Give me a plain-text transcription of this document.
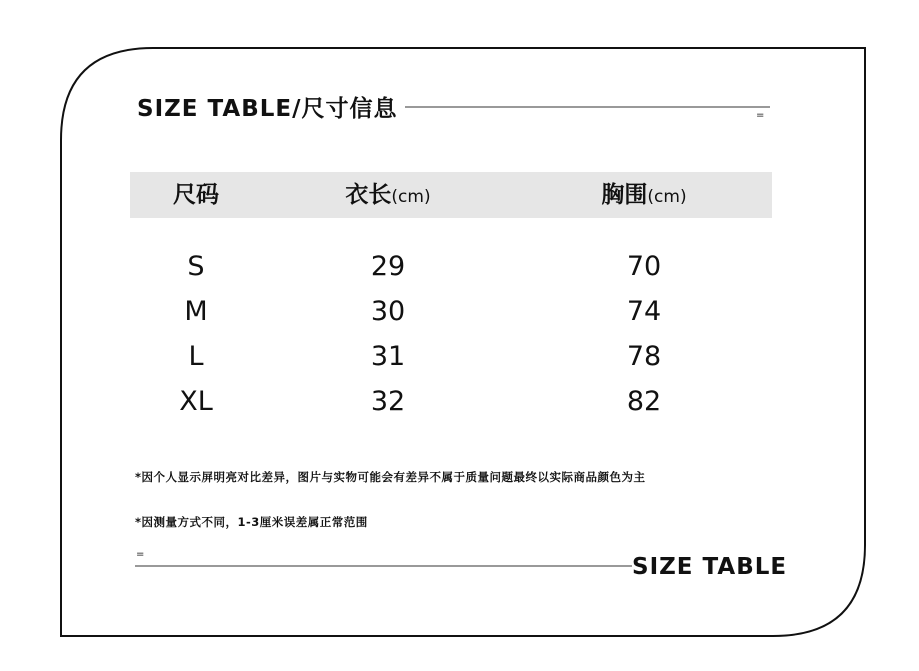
SIZE TABLE/尺寸信息	=
尺码	衣长(cm)	胸围(cm)
S	29	70
M	30	74
L	31	78
XL	32	82
*因个人显示屏明亮对比差异，图片与实物可能会有差异不属于质量问题最终以实际商品颜色为主
*因测量方式不同，1-3厘米误差属正常范围
=	SIZE TABLE
